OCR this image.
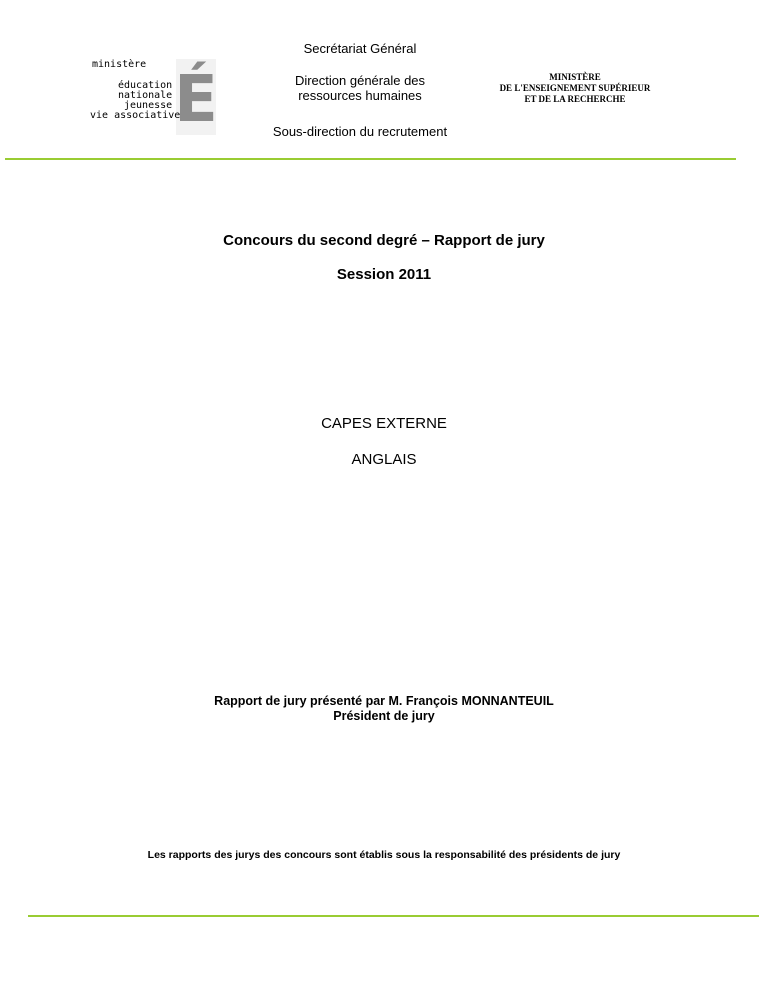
É
ministère
éducation
nationale
jeunesse
vie associative
Secrétariat Général
Direction générale des
ressources humaines
Sous-direction du recrutement
MINISTÈRE
DE L'ENSEIGNEMENT SUPÉRIEUR
ET DE LA RECHERCHE
Concours du second degré – Rapport de jury
Session 2011
CAPES EXTERNE
ANGLAIS
Rapport de jury présenté par M. François MONNANTEUIL
Président de jury
Les rapports des jurys des concours sont établis sous la responsabilité des présidents de jury
